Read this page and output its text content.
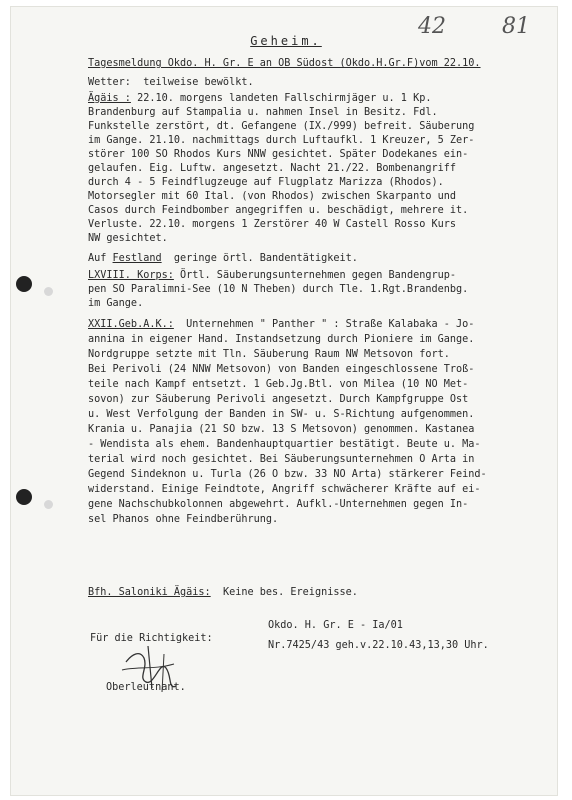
42	81
Geheim.
Tagesmeldung Okdo. H. Gr. E an OB Südost (Okdo.H.Gr.F)vom 22.10.
Wetter:  teilweise bewölkt.
Ägäis : 22.10. morgens landeten Fallschirmjäger u. 1 Kp.
Brandenburg auf Stampalia u. nahmen Insel in Besitz. Fdl.
Funkstelle zerstört, dt. Gefangene (IX./999) befreit. Säuberung
im Gange. 21.10. nachmittags durch Luftaufkl. 1 Kreuzer, 5 Zer-
störer 100 SO Rhodos Kurs NNW gesichtet. Später Dodekanes ein-
gelaufen. Eig. Luftw. angesetzt. Nacht 21./22. Bombenangriff
durch 4 - 5 Feindflugzeuge auf Flugplatz Marizza (Rhodos).
Motorsegler mit 60 Ital. (von Rhodos) zwischen Skarpanto und
Casos durch Feindbomber angegriffen u. beschädigt, mehrere it.
Verluste. 22.10. morgens 1 Zerstörer 40 W Castell Rosso Kurs
NW gesichtet.
Auf Festland  geringe örtl. Bandentätigkeit.
LXVIII. Korps: Örtl. Säuberungsunternehmen gegen Bandengrup-
pen SO Paralimni-See (10 N Theben) durch Tle. 1.Rgt.Brandenbg.
im Gange.
XXII.Geb.A.K.:  Unternehmen " Panther " : Straße Kalabaka - Jo-
annina in eigener Hand. Instandsetzung durch Pioniere im Gange.
Nordgruppe setzte mit Tln. Säuberung Raum NW Metsovon fort.
Bei Perivoli (24 NNW Metsovon) von Banden eingeschlossene Troß-
teile nach Kampf entsetzt. 1 Geb.Jg.Btl. von Milea (10 NO Met-
sovon) zur Säuberung Perivoli angesetzt. Durch Kampfgruppe Ost
u. West Verfolgung der Banden in SW- u. S-Richtung aufgenommen.
Krania u. Panajia (21 SO bzw. 13 S Metsovon) genommen. Kastanea
- Wendista als ehem. Bandenhauptquartier bestätigt. Beute u. Ma-
terial wird noch gesichtet. Bei Säuberungsunternehmen O Arta in
Gegend Sindeknon u. Turla (26 O bzw. 33 NO Arta) stärkerer Feind-
widerstand. Einige Feindtote, Angriff schwächerer Kräfte auf ei-
gene Nachschubkolonnen abgewehrt. Aufkl.-Unternehmen gegen In-
sel Phanos ohne Feindberührung.
Bfh. Saloniki Ägäis:  Keine bes. Ereignisse.
Okdo. H. Gr. E - Ia/01
Nr.7425/43 geh.v.22.10.43,13,30 Uhr.
Für die Richtigkeit:
Oberleutnant.
